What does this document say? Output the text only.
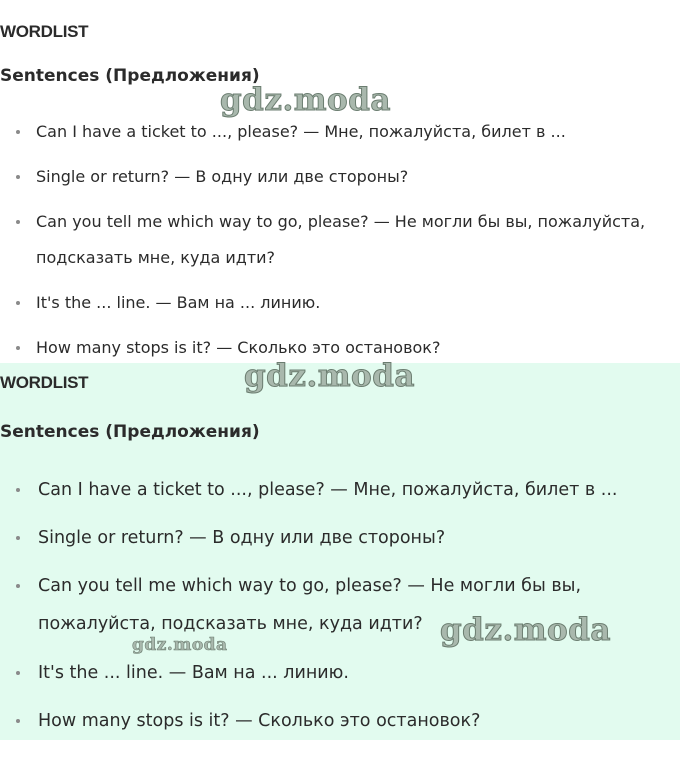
WORDLIST
Sentences (Предложения)
Can I have a ticket to ..., please? — Мне, пожалуйста, билет в ...
Single or return? — В одну или две стороны?
Can you tell me which way to go, please? — Не могли бы вы, пожалуйста, подсказать мне, куда идти?
It's the ... line. — Вам на ... линию.
How many stops is it? — Сколько это остановок?
WORDLIST
Sentences (Предложения)
Can I have a ticket to ..., please? — Мне, пожалуйста, билет в ...
Single or return? — В одну или две стороны?
Can you tell me which way to go, please? — Не могли бы вы, пожалуйста, подсказать мне, куда идти?
It's the ... line. — Вам на ... линию.
How many stops is it? — Сколько это остановок?
gdz.moda
gdz.moda
gdz.moda
gdz.moda
